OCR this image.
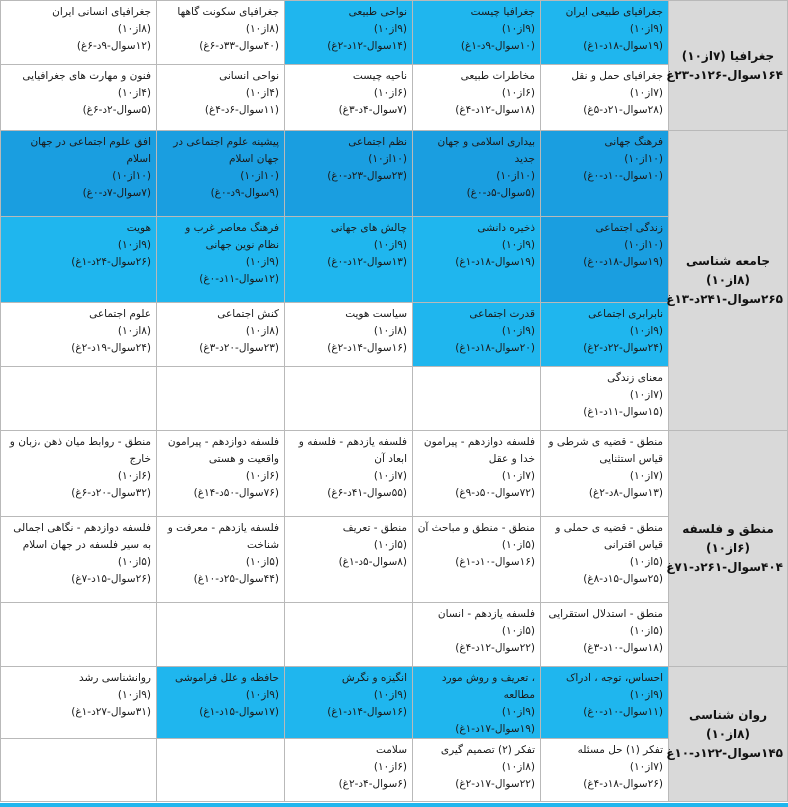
جغرافیا (۷از۱۰) ۱۶۴سوال-۱۲۶د-۲۳غ	جغرافیای طبیعی ایران
(۹از۱۰)
(۱۹سوال-۱۸د-۱غ)	جغرافیا چیست
(۹از۱۰)
(۱۰سوال-۹د-۱غ)	نواحی طبیعی
(۹از۱۰)
(۱۴سوال-۱۲د-۲غ)	جغرافیای سکونت گاهها
(۸از۱۰)
(۴۰سوال-۳۳د-۶غ)	جغرافیای انسانی ایران
(۸از۱۰)
(۱۲سوال-۹د-۶غ)

	جغرافیای حمل و نقل
(۷از۱۰)
(۲۸سوال-۲۱د-۵غ)	مخاطرات طبیعی
(۶از۱۰)
(۱۸سوال-۱۲د-۴غ)	ناحیه چیست
(۶از۱۰)
(۷سوال-۴د-۳غ)	نواحی انسانی
(۴از۱۰)
(۱۱سوال-۶د-۴غ)	فنون و مهارت های جغرافیایی
(۴از۱۰)
(۵سوال-۲د-۶غ)

جامعه شناسی (۸از۱۰) ۲۶۵سوال-۲۴۱د-۱۳غ	فرهنگ جهانی
(۱۰از۱۰)
(۱۰سوال-۱۰د-۰غ)	بیداری اسلامی و جهان جدید
(۱۰از۱۰)
(۵سوال-۵د-۰غ)	نظم اجتماعی
(۱۰از۱۰)
(۲۳سوال-۲۳د-۰غ)	پیشینه علوم اجتماعی در جهان اسلام
(۱۰از۱۰)
(۹سوال-۹د-۰غ)	افق علوم اجتماعی در جهان اسلام
(۱۰از۱۰)
(۷سوال-۷د-۰غ)

	زندگی اجتماعی
(۱۰از۱۰)
(۱۹سوال-۱۸د-۰غ)	ذخیره دانشی
(۹از۱۰)
(۱۹سوال-۱۸د-۱غ)	چالش های جهانی
(۹از۱۰)
(۱۳سوال-۱۲د-۰غ)	فرهنگ معاصر غرب و نظام نوین جهانی
(۹از۱۰)
(۱۲سوال-۱۱د-۰غ)	هویت
(۹از۱۰)
(۲۶سوال-۲۴د-۱غ)

	نابرابری اجتماعی
(۹از۱۰)
(۲۴سوال-۲۲د-۲غ)	قدرت اجتماعی
(۹از۱۰)
(۲۰سوال-۱۸د-۱غ)	سیاست هویت
(۸از۱۰)
(۱۶سوال-۱۴د-۲غ)	کنش اجتماعی
(۸از۱۰)
(۲۳سوال-۲۰د-۳غ)	علوم اجتماعی
(۸از۱۰)
(۲۴سوال-۱۹د-۲غ)

	معنای زندگی
(۷از۱۰)
(۱۵سوال-۱۱د-۱غ)				

منطق و فلسفه (۶از۱۰) ۴۰۴سوال-۲۶۱د-۷۱غ	منطق - قضیه ی شرطی و قیاس استثنایی
(۷از۱۰)
(۱۳سوال-۸د-۲غ)	فلسفه دوازدهم - پیرامون خدا و عقل
(۷از۱۰)
(۷۲سوال-۵۰د-۹غ)	فلسفه یازدهم - فلسفه و ابعاد آن
(۷از۱۰)
(۵۵سوال-۴۱د-۶غ)	فلسفه دوازدهم - پیرامون واقعیت و هستی
(۶از۱۰)
(۷۶سوال-۵۰د-۱۴غ)	منطق - روابط میان ذهن ،زبان و خارج
(۶از۱۰)
(۳۲سوال-۲۰د-۶غ)

	منطق - قضیه ی حملی و قیاس اقترانی
(۵از۱۰)
(۲۵سوال-۱۵د-۸غ)	منطق - منطق و مباحث آن
(۵از۱۰)
(۱۶سوال-۱۰د-۱غ)	منطق - تعریف
(۵از۱۰)
(۸سوال-۵د-۱غ)	فلسفه یازدهم - معرفت و شناخت
(۵از۱۰)
(۴۴سوال-۲۵د-۱۰غ)	فلسفه دوازدهم - نگاهی اجمالی به سیر فلسفه در جهان اسلام
(۵از۱۰)
(۲۶سوال-۱۵د-۷غ)

	منطق - استدلال استقرایی
(۵از۱۰)
(۱۸سوال-۱۰د-۳غ)	فلسفه یازدهم - انسان
(۵از۱۰)
(۲۲سوال-۱۲د-۴غ)			

روان شناسی (۸از۱۰) ۱۴۵سوال-۱۲۲د-۱۰غ	احساس، توجه ، ادراک
(۹از۱۰)
(۱۱سوال-۱۰د-۰غ)	، تعریف و روش مورد مطالعه
(۹از۱۰)
(۱۹سوال-۱۷د-۱غ)	انگیزه و نگرش
(۹از۱۰)
(۱۶سوال-۱۴د-۱غ)	حافظه و علل فراموشی
(۹از۱۰)
(۱۷سوال-۱۵د-۱غ)	روانشناسی رشد
(۹از۱۰)
(۳۱سوال-۲۷د-۱غ)

	تفکر (۱) حل مسئله
(۷از۱۰)
(۲۶سوال-۱۸د-۴غ)	تفکر (۲) تصمیم گیری
(۸از۱۰)
(۲۲سوال-۱۷د-۲غ)	سلامت
(۶از۱۰)
(۶سوال-۴د-۲غ)		
